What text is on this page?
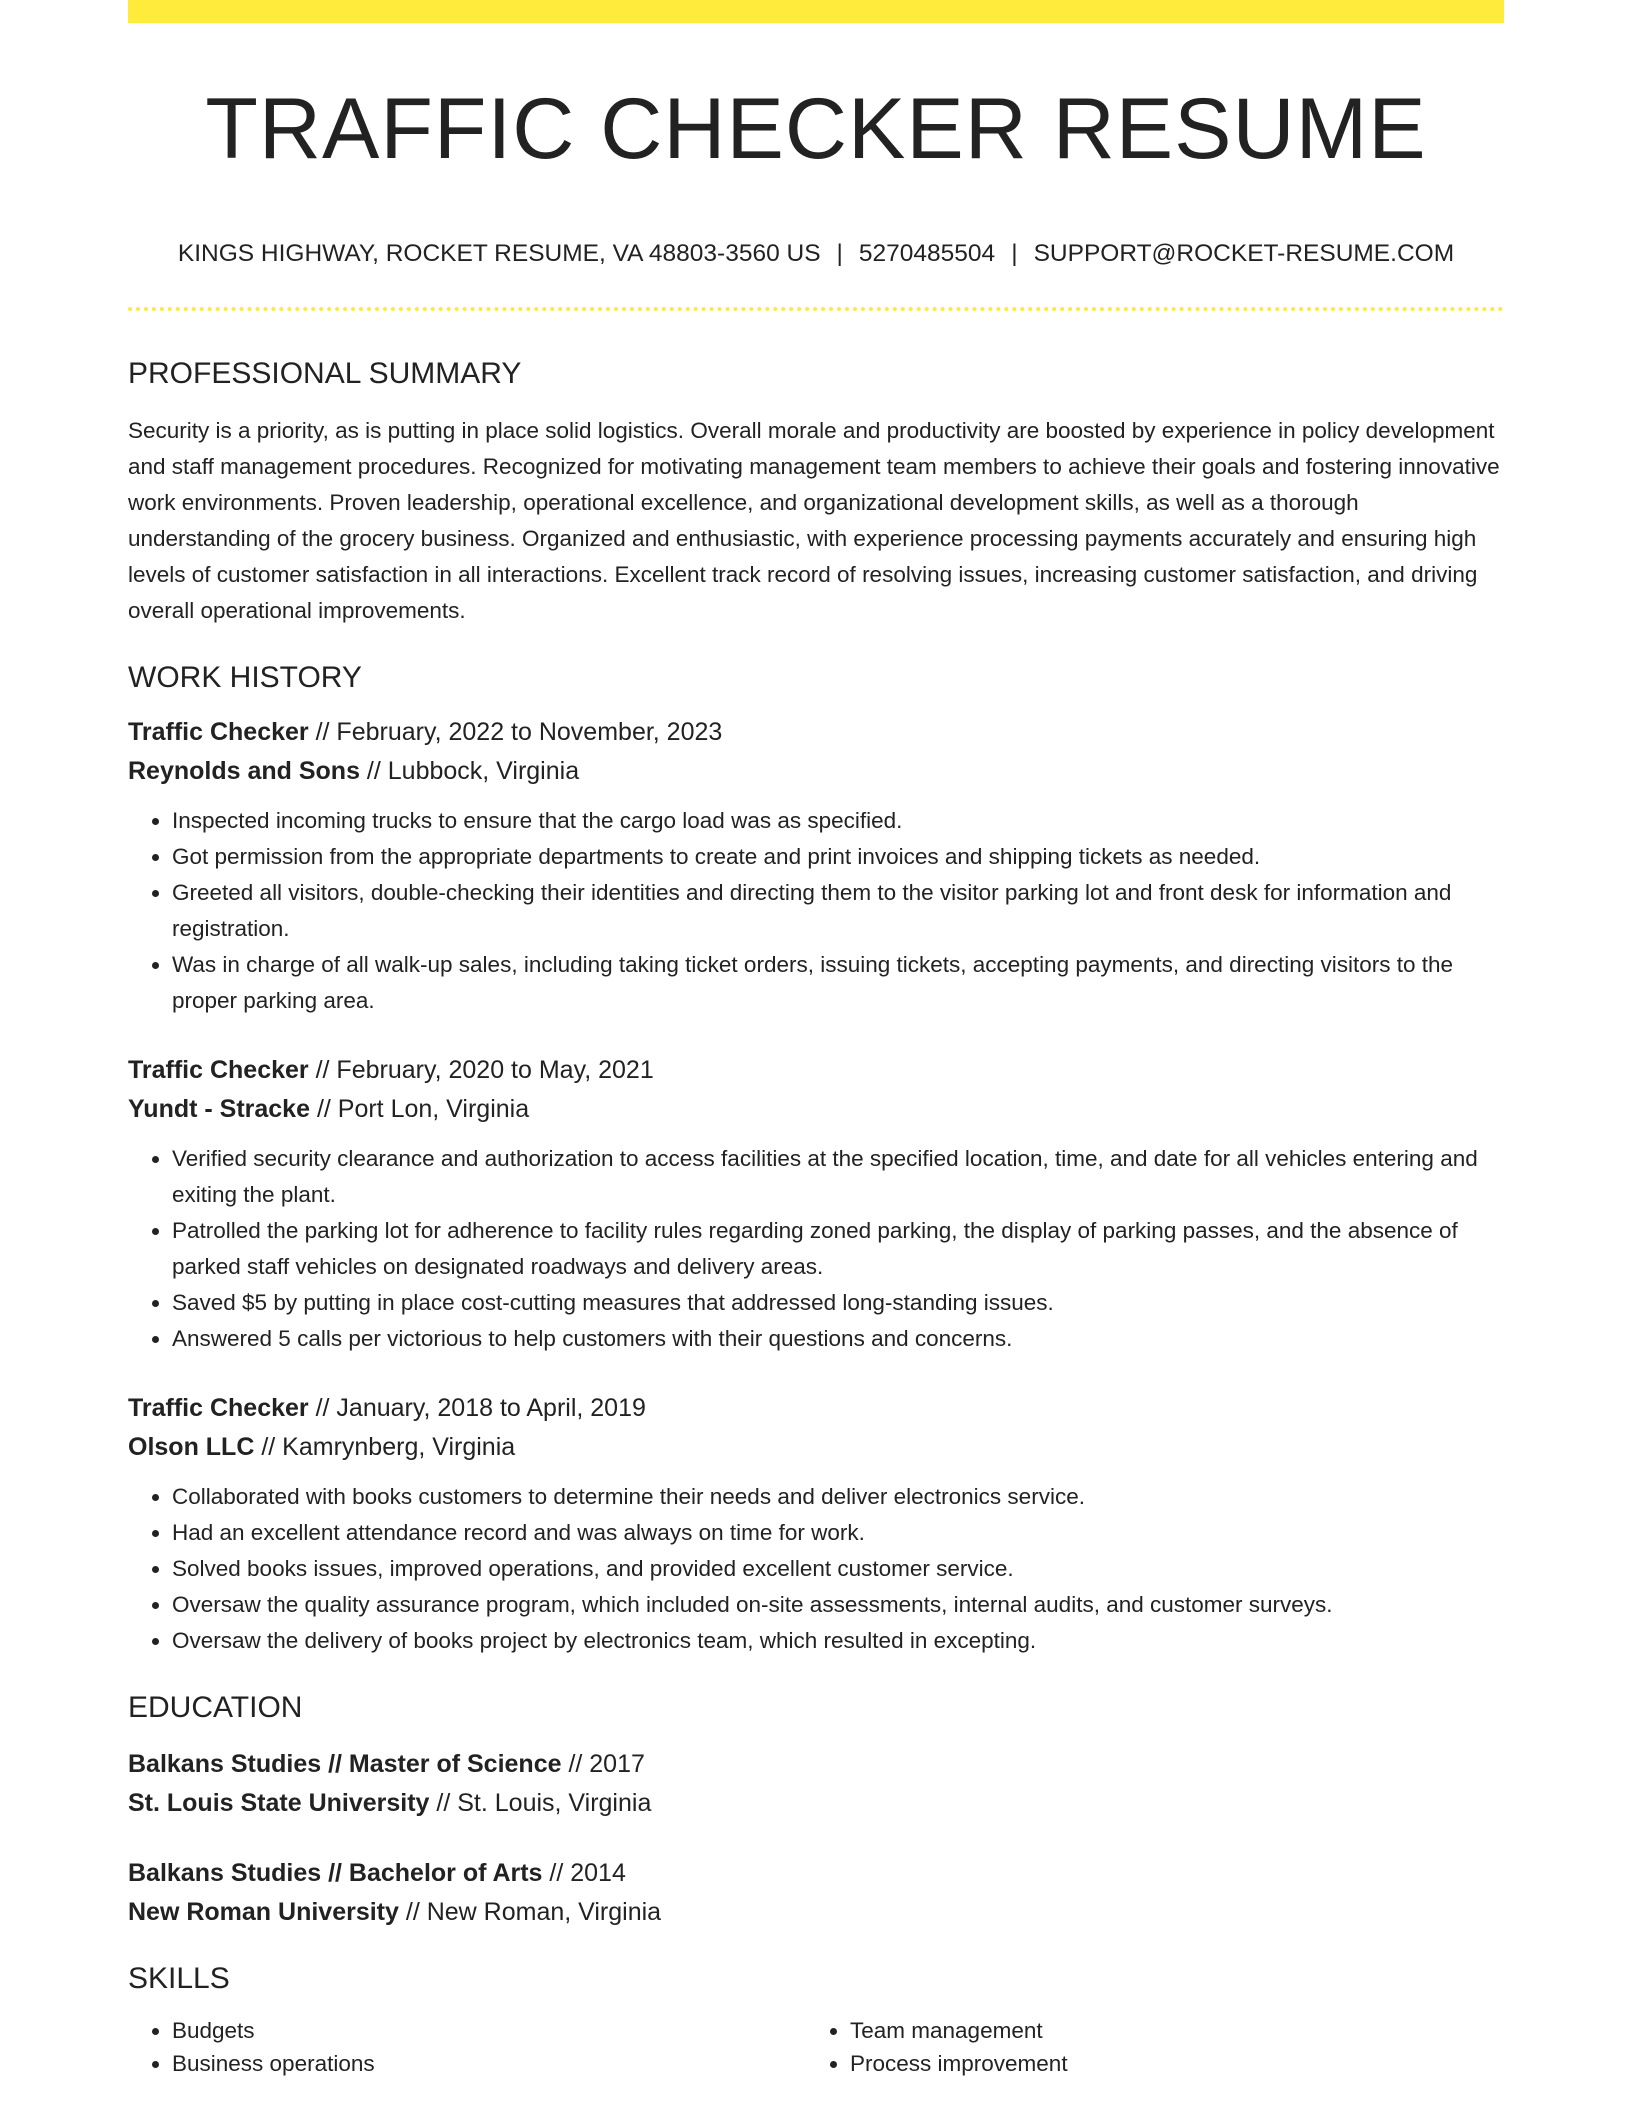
TRAFFIC CHECKER RESUME
KINGS HIGHWAY, ROCKET RESUME, VA 48803-3560 US | 5270485504 | SUPPORT@ROCKET-RESUME.COM
PROFESSIONAL SUMMARY

Security is a priority, as is putting in place solid logistics. Overall morale and productivity are boosted by experience in policy development and staff management procedures. Recognized for motivating management team members to achieve their goals and fostering innovative work environments. Proven leadership, operational excellence, and organizational development skills, as well as a thorough understanding of the grocery business. Organized and enthusiastic, with experience processing payments accurately and ensuring high levels of customer satisfaction in all interactions. Excellent track record of resolving issues, increasing customer satisfaction, and driving overall operational improvements.

WORK HISTORY
Traffic Checker // February, 2022 to November, 2023
Reynolds and Sons // Lubbock, Virginia
• Inspected incoming trucks to ensure that the cargo load was as specified.
• Got permission from the appropriate departments to create and print invoices and shipping tickets as needed.
• Greeted all visitors, double-checking their identities and directing them to the visitor parking lot and front desk for information and registration.
• Was in charge of all walk-up sales, including taking ticket orders, issuing tickets, accepting payments, and directing visitors to the proper parking area.
Traffic Checker // February, 2020 to May, 2021
Yundt - Stracke // Port Lon, Virginia
• Verified security clearance and authorization to access facilities at the specified location, time, and date for all vehicles entering and exiting the plant.
• Patrolled the parking lot for adherence to facility rules regarding zoned parking, the display of parking passes, and the absence of parked staff vehicles on designated roadways and delivery areas.
• Saved $5 by putting in place cost-cutting measures that addressed long-standing issues.
• Answered 5 calls per victorious to help customers with their questions and concerns.
Traffic Checker // January, 2018 to April, 2019
Olson LLC // Kamrynberg, Virginia
• Collaborated with books customers to determine their needs and deliver electronics service.
• Had an excellent attendance record and was always on time for work.
• Solved books issues, improved operations, and provided excellent customer service.
• Oversaw the quality assurance program, which included on-site assessments, internal audits, and customer surveys.
• Oversaw the delivery of books project by electronics team, which resulted in excepting.
EDUCATION
Balkans Studies // Master of Science // 2017
St. Louis State University // St. Louis, Virginia
Balkans Studies // Bachelor of Arts // 2014
New Roman University // New Roman, Virginia
SKILLS
• Budgets
• Business operations
• Team management
• Process improvement
